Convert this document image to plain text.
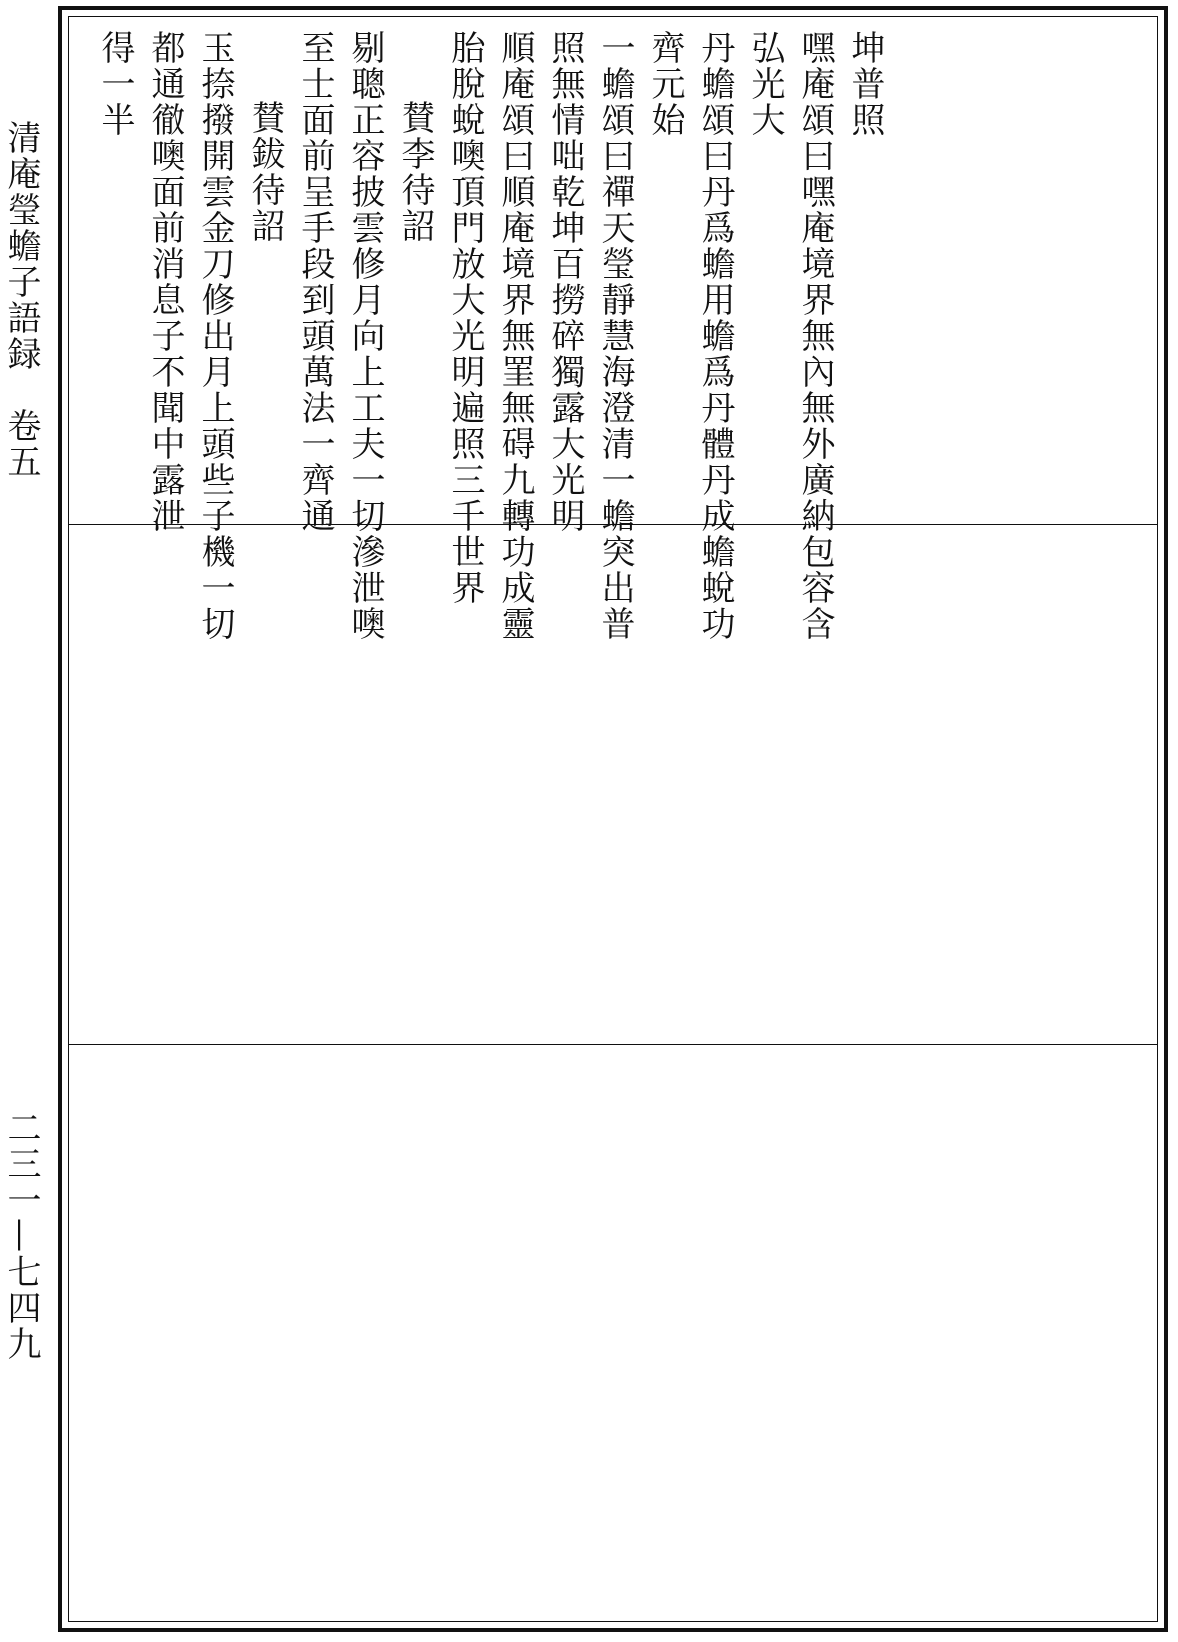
清庵瑩蟾子語録　卷五
二三一—七四九
坤普照
嘿庵頌曰嘿庵境界無內無外廣納包容含
弘光大
丹蟾頌曰丹爲蟾用蟾爲丹體丹成蟾蛻功
齊元始
一蟾頌曰禪天瑩靜慧海澄清一蟾突出普
照無情咄乾坤百撈碎獨露大光明
順庵頌曰順庵境界無罣無碍九轉功成靈
胎脫蛻噢頂門放大光明遍照三千世界
賛李待詔
剔聰正容披雲修月向上工夫一切滲泄噢
至士面前呈手段到頭萬法一齊通
賛鈸待詔
玉捺撥開雲金刀修出月上頭些子機一切
都通徹噢面前消息子不聞中露泄
得一半
